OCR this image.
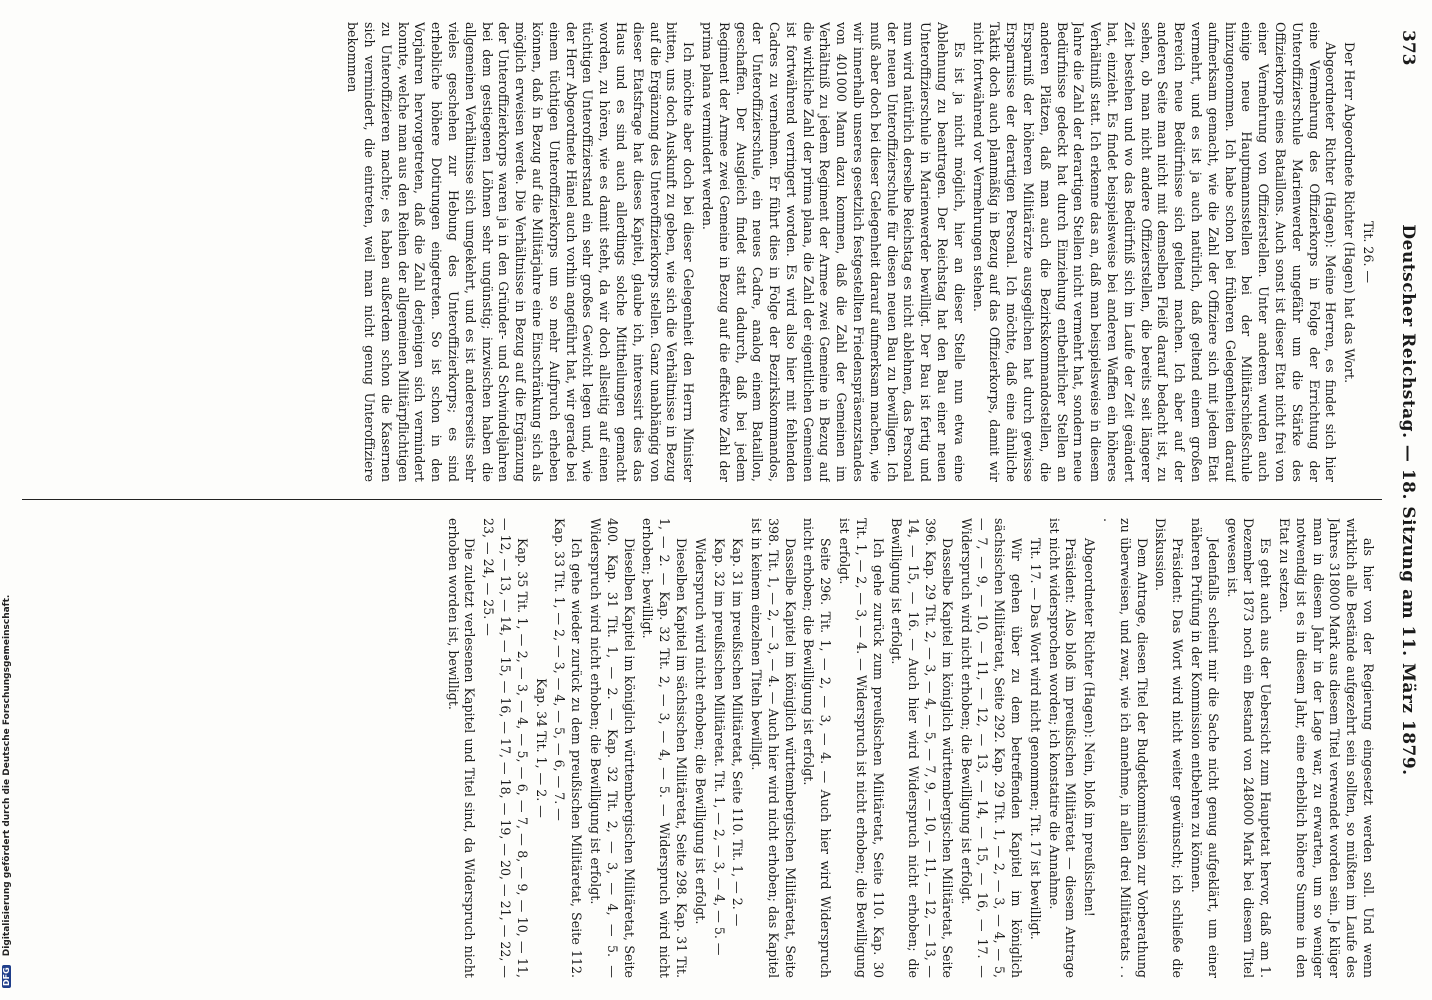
DFG Digitalisierung gefördert durch die Deutsche Forschungsgemeinschaft.
373
Deutscher Reichstag. — 18. Sitzung am 11. März 1879.

Tit. 26. —

Der Herr Abgeordnete Richter (Hagen) hat das Wort.

Abgeordneter Richter (Hagen): Meine Herren, es findet sich hier eine Vermehrung des Offizierkorps in Folge der Errichtung der Unteroffizierschule Marienwerder ungefähr um die Stärke des Offizierkorps eines Bataillons. Auch sonst ist dieser Etat nicht frei von einer Vermehrung von Offizierstellen. Unter anderen wurden auch einige neue Hauptmannsstellen bei der Militärschießschule hinzugenommen. Ich habe schon bei früheren Gelegenheiten darauf aufmerksam gemacht, wie die Zahl der Offiziere sich mit jedem Etat vermehrt, und es ist ja auch natürlich, daß geltend einem großen Bereich neue Bedürfnisse sich geltend machen. Ich aber auf der anderen Seite man nicht mit demselben Fleiß darauf bedacht ist, zu sehen, ob man nicht andere Offizierstellen, die bereits seit längerer Zeit bestehen und wo das Bedürfniß sich im Laufe der Zeit geändert hat, einzieht. Es findet beispielsweise bei anderen Waffen ein höheres Verhältniß statt. Ich erkenne das an, daß man beispielsweise in diesem Jahre die Zahl der derartigen Stellen nicht vermehrt hat, sondern neue Bedürfnisse gedeckt hat durch Einziehung entbehrlicher Stellen an anderen Plätzen, daß man auch die Bezirkskommandostellen, die Ersparniß der höheren Militärärzte ausgeglichen hat durch gewisse Ersparnisse der derartigen Personal. Ich möchte, daß eine ähnliche Taktik doch auch planmäßig in Bezug auf das Offizierkorps, damit wir nicht fortwährend vor Vermehrungen stehen.

Es ist ja nicht möglich, hier an dieser Stelle nun etwa eine Ablehnung zu beantragen. Der Reichstag hat den Bau einer neuen Unteroffizierschule in Marienwerder bewilligt. Der Bau ist fertig und nun wird natürlich derselbe Reichstag es nicht ablehnen, das Personal der neuen Unteroffizierschule für diesen neuen Bau zu bewilligen. Ich muß aber doch bei dieser Gelegenheit darauf aufmerksam machen, wie wir innerhalb unseres gesetzlich festgestellten Friedenspräsenzstandes von 401000 Mann dazu kommen, daß die Zahl der Gemeinen im Verhältniß zu jedem Regiment der Armee zwei Gemeine in Bezug auf die wirkliche Zahl der prima plana, die Zahl der eigentlichen Gemeinen ist fortwährend verringert worden. Es wird also hier mit fehlenden Cadres zu vernehmen. Er führt dies in Folge der Bezirkskommandos, der Unteroffizierschule, ein neues Cadre, analog einem Bataillon, geschaffen. Der Ausgleich findet statt dadurch, daß bei jedem Regiment der Armee zwei Gemeine in Bezug auf die effektive Zahl der prima plana vermindert werden.

Ich möchte aber doch bei dieser Gelegenheit den Herrn Minister bitten, uns doch Auskunft zu geben, wie sich die Verhältnisse in Bezug auf die Ergänzung des Unteroffizierkorps stellen. Ganz unabhängig von dieser Etatsfrage hat dieses Kapitel, glaube ich, interessirt dies das Haus und es sind auch allerdings solche Mittheilungen gemacht worden, zu hören, wie es damit steht, da wir doch allseitig auf einen tüchtigen Unteroffizierstand ein sehr großes Gewicht legen und, wie der Herr Abgeordnete Hänel auch vorhin angeführt hat, wir gerade bei einem tüchtigen Unteroffizierkorps um so mehr Aufpruch erheben können, daß in Bezug auf die Militärjahre eine Einschränkung sich als möglich erweisen werde. Die Verhältnisse in Bezug auf die Ergänzung der Unteroffizierkorps waren ja in den Gründer- und Schwindeljahren bei dem gestiegenen Löhnen sehr ungünstig; inzwischen haben die allgemeinen Verhältnisse sich umgekehrt, und es ist andererseits sehr vieles geschehen zur Hebung des Unteroffizierkorps; es sind erhebliche höhere Dotirungen eingetreten. So ist schon in den Vorjahren hervorgetreten, daß die Zahl derjenigen sich vermindert konnte, welche man aus den Reihen der allgemeinen Militärpflichtigen zu Unteroffizieren machte; es haben außerdem schon die Kasernen sich vermindert, die eintreten, weil man nicht genug Unteroffiziere bekommen

als hier von der Regierung eingesetzt werden soll. Und wenn wirklich alle Bestände aufgezehrt sein sollten, so müßten im Laufe des Jahres 318000 Mark aus diesem Titel verwendet worden sein. Je klüger man in diesem Jahr in der Lage war, zu erwarten, um so weniger notwendig ist es in diesem Jahr, eine erheblich höhere Summe in den Etat zu setzen.

Es geht auch aus der Uebersicht zum Hauptetat hervor, daß am 1. Dezember 1873 noch ein Bestand von 248000 Mark bei diesem Titel gewesen ist.

Jedenfalls scheint mir die Sache nicht genug aufgeklärt, um einer näheren Prüfung in der Kommission entbehren zu können.

Präsident: Das Wort wird nicht weiter gewünscht; ich schließe die Diskussion.

Dem Antrage, diesen Titel der Budgetkommission zur Vorberathung zu überweisen, und zwar, wie ich annehme, in allen drei Militäretats . . .

Abgeordneter Richter (Hagen): Nein, bloß im preußischen!

Präsident: Also bloß im preußischen Militäretat — diesem Antrage ist nicht widersprochen worden; ich konstatire die Annahme.

Tit. 17. — Das Wort wird nicht genommen; Tit. 17 ist bewilligt.

Wir gehen über zu dem betreffenden Kapitel im königlich sächsischen Militäretat, Seite 292. Kap. 29 Tit. 1, — 2, — 3, — 4, — 5, — 7, — 9, — 10, — 11, — 12, — 13, — 14, — 15, — 16, — 17. — Widerspruch wird nicht erhoben; die Bewilligung ist erfolgt.

Dasselbe Kapitel im königlich württembergischen Militäretat, Seite 396. Kap. 29 Tit. 2, — 3, — 4, — 5, — 7, 9, — 10, — 11, — 12, — 13, — 14, — 15, — 16. — Auch hier wird Widerspruch nicht erhoben; die Bewilligung ist erfolgt.

Ich gehe zurück zum preußischen Militäretat, Seite 110. Kap. 30 Tit. 1, — 2, — 3, — 4. — Widerspruch ist nicht erhoben; die Bewilligung ist erfolgt.

Seite 296. Tit. 1, — 2, — 3, — 4. — Auch hier wird Widerspruch nicht erhoben; die Bewilligung ist erfolgt.

Dasselbe Kapitel im königlich württembergischen Militäretat, Seite 398. Tit. 1, — 2, — 3, — 4. — Auch hier wird nicht erhoben; das Kapitel ist in keinem einzelnen Titeln bewilligt.

Kap. 31 im preußischen Militäretat, Seite 110. Tit. 1, — 2. —

Kap. 32 im preußischen Militäretat. Tit. 1, — 2, — 3, — 4, — 5. —

Widerspruch wird nicht erhoben; die Bewilligung ist erfolgt.

Dieselben Kapitel im sächsischen Militäretat, Seite 298. Kap. 31 Tit. 1, — 2. — Kap. 32 Tit. 2, — 3, — 4, — 5. — Widerspruch wird nicht erhoben; bewilligt.

Dieselben Kapitel im königlich württembergischen Militäretat, Seite 400. Kap. 31 Tit. 1, — 2. — Kap. 32 Tit. 2, — 3, — 4, — 5. — Widerspruch wird nicht erhoben; die Bewilligung ist erfolgt.

Ich gehe wieder zurück zu dem preußischen Militäretat, Seite 112. Kap. 33 Tit. 1, — 2, — 3, — 4, — 5, — 6, — 7. —

Kap. 34 Tit. 1, — 2. —

Kap. 35 Tit. 1, — 2, — 3, — 4, — 5, — 6, — 7, — 8, — 9, — 10, — 11, — 12, — 13, — 14, — 15, — 16, — 17, — 18, — 19, — 20, — 21, — 22, — 23, — 24, — 25. —

Die zuletzt verlesenen Kapitel und Titel sind, da Widerspruch nicht erhoben worden ist, bewilligt.
